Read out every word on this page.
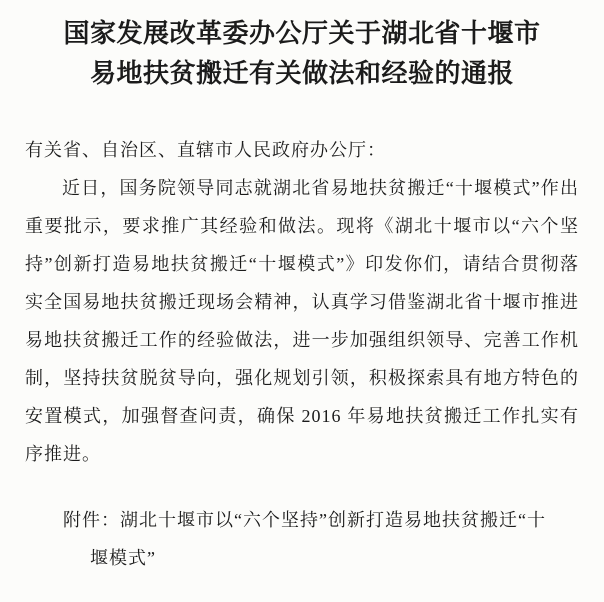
国家发展改革委办公厅关于湖北省十堰市
易地扶贫搬迁有关做法和经验的通报
有关省、自治区、直辖市人民政府办公厅：

近日，国务院领导同志就湖北省易地扶贫搬迁“十堰模式”作出重要批示，要求推广其经验和做法。现将《湖北十堰市以“六个坚持”创新打造易地扶贫搬迁“十堰模式”》印发你们，请结合贯彻落实全国易地扶贫搬迁现场会精神，认真学习借鉴湖北省十堰市推进易地扶贫搬迁工作的经验做法，进一步加强组织领导、完善工作机制，坚持扶贫脱贫导向，强化规划引领，积极探索具有地方特色的安置模式，加强督查问责，确保 2016 年易地扶贫搬迁工作扎实有序推进。

附件：湖北十堰市以“六个坚持”创新打造易地扶贫搬迁“十
堰模式”
